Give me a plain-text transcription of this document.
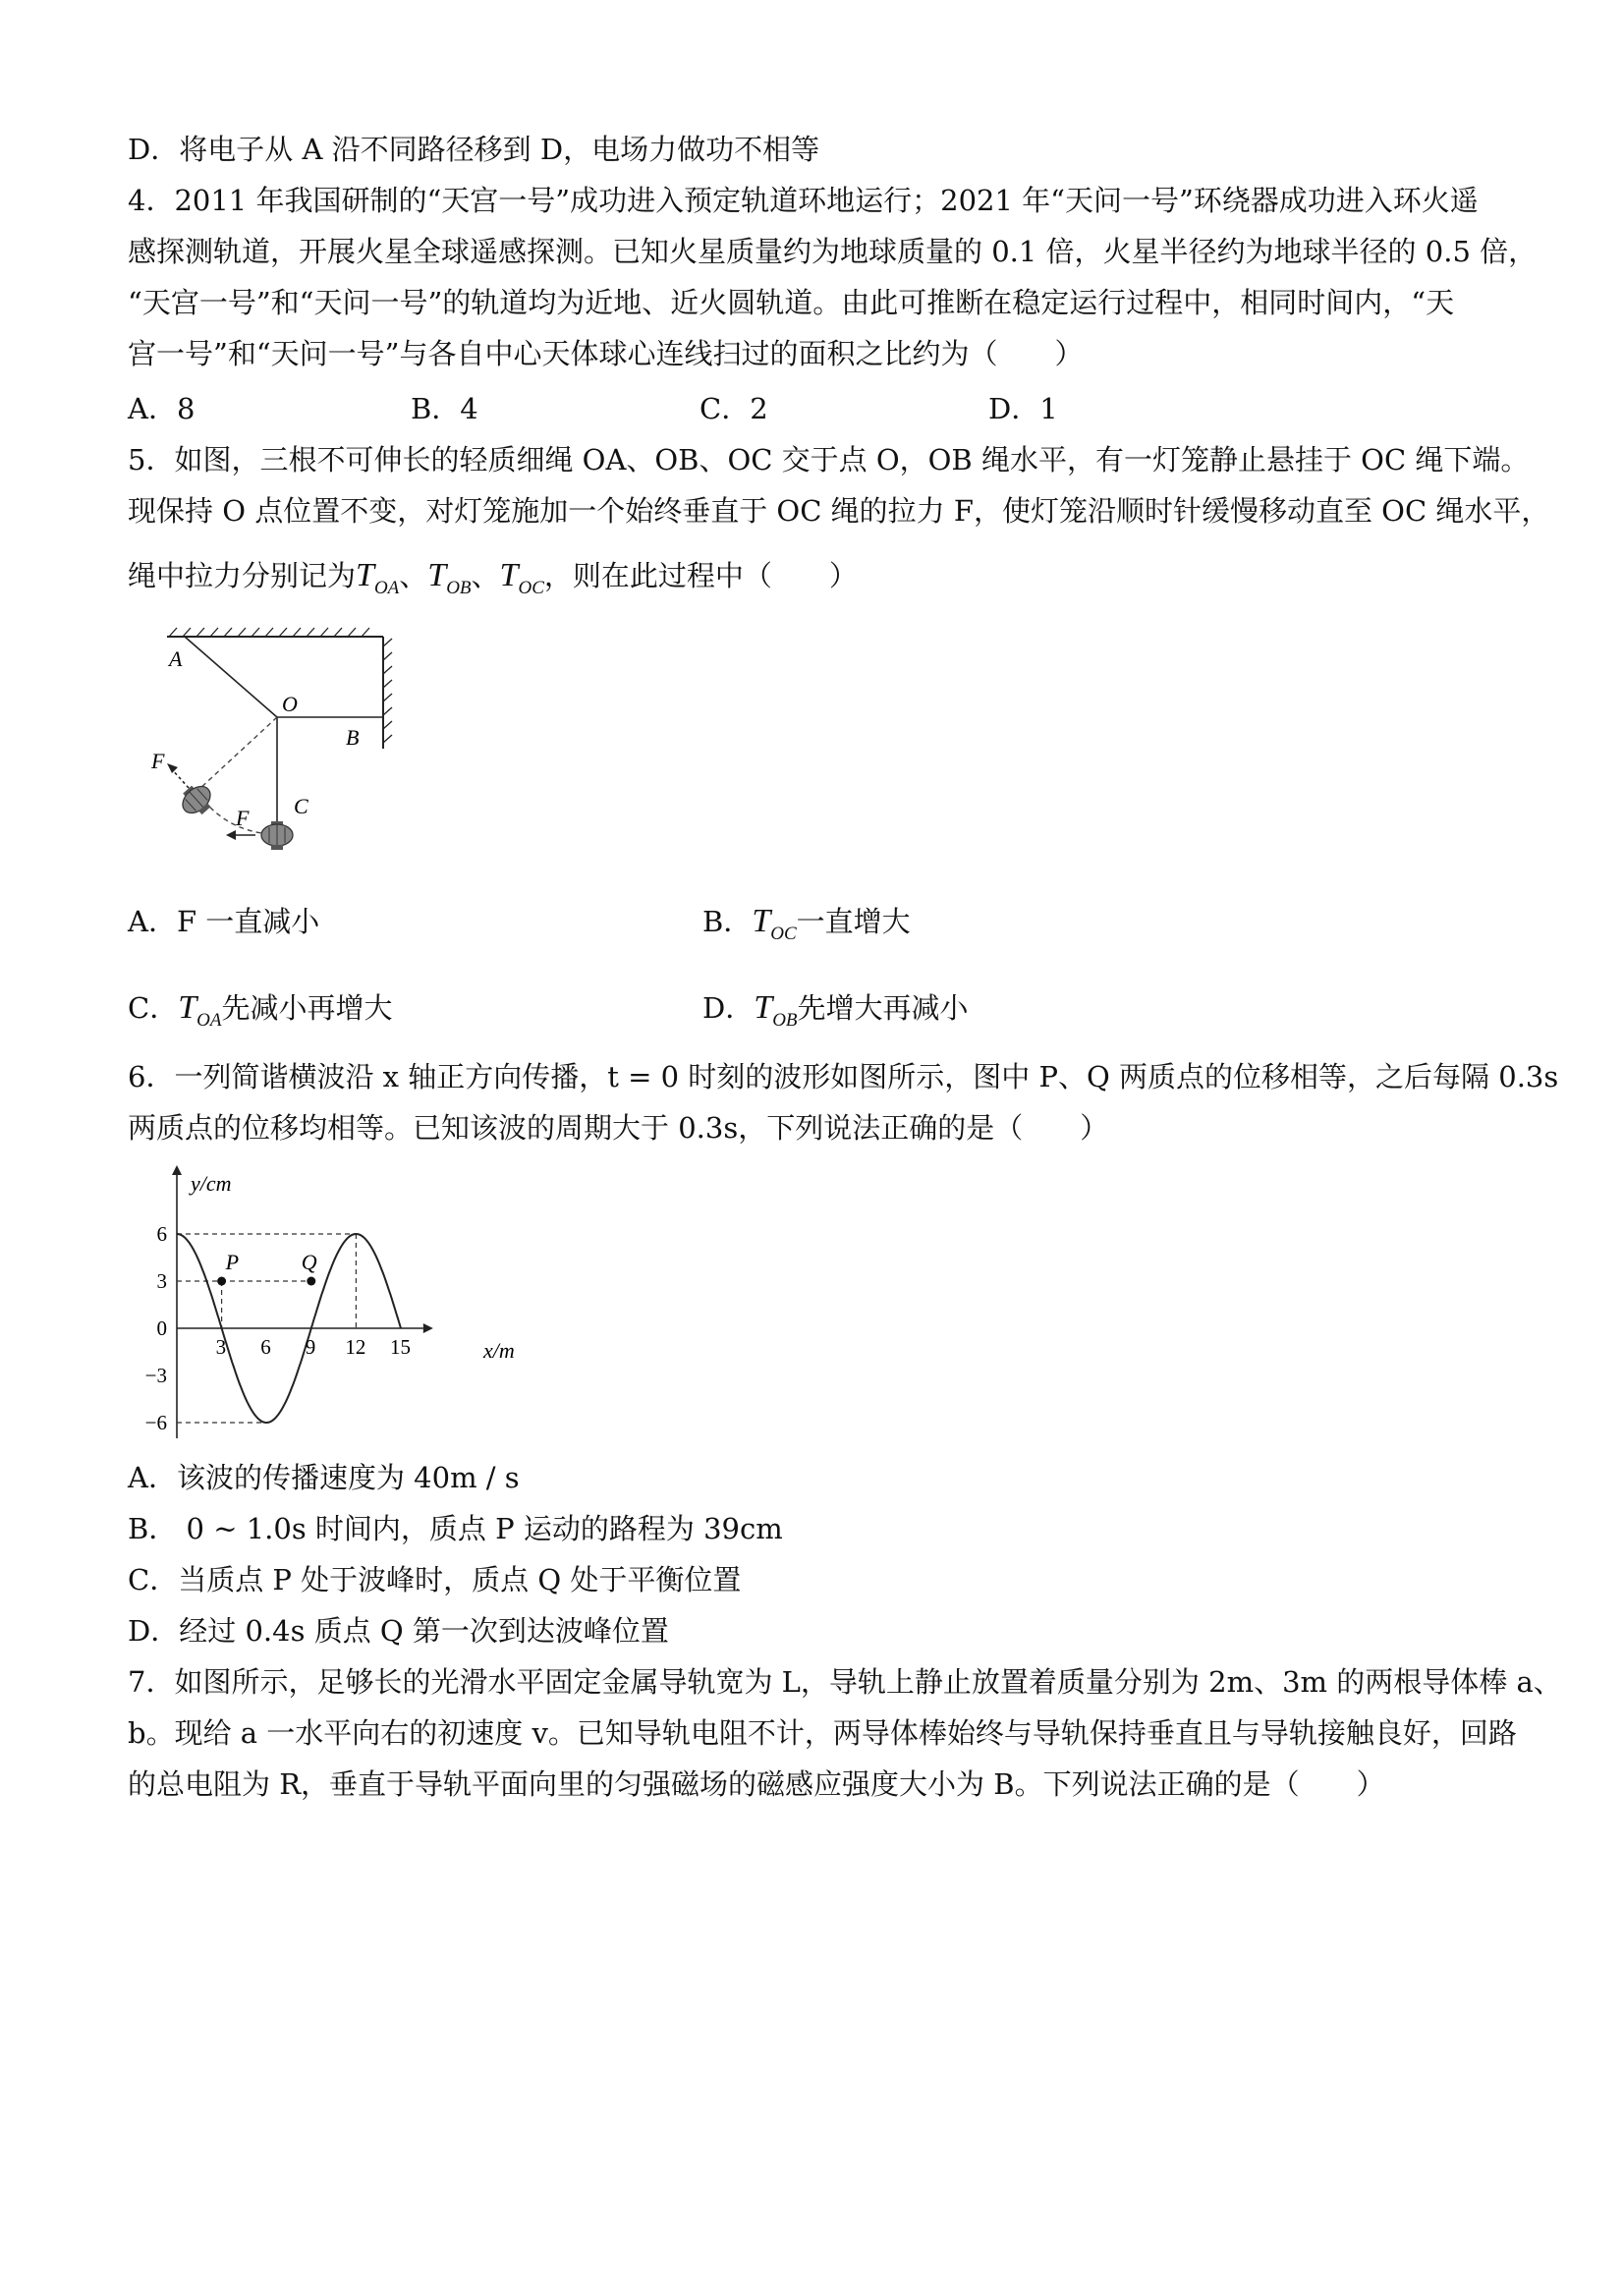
D．将电子从 A 沿不同路径移到 D，电场力做功不相等
4．2011 年我国研制的“天宫一号”成功进入预定轨道环地运行；2021 年“天问一号”环绕器成功进入环火遥
感探测轨道，开展火星全球遥感探测。已知火星质量约为地球质量的 0.1 倍，火星半径约为地球半径的 0.5 倍，
“天宫一号”和“天问一号”的轨道均为近地、近火圆轨道。由此可推断在稳定运行过程中，相同时间内，“天
宫一号”和“天问一号”与各自中心天体球心连线扫过的面积之比约为（　　）
A．8	B．4	C．2	D．1
5．如图，三根不可伸长的轻质细绳 OA、OB、OC 交于点 O，OB 绳水平，有一灯笼静止悬挂于 OC 绳下端。
现保持 O 点位置不变，对灯笼施加一个始终垂直于 OC 绳的拉力 F，使灯笼沿顺时针缓慢移动直至 OC 绳水平，
绳中拉力分别记为$T_{OA}$、$T_{OB}$、$T_{OC}$，则在此过程中（　　）
A
O
B
C
F
F
A．F 一直减小	B．$T_{OC}$一直增大
C．$T_{OA}$先减小再增大	D．$T_{OB}$先增大再减小
6．一列简谐横波沿 x 轴正方向传播，t = 0 时刻的波形如图所示，图中 P、Q 两质点的位移相等，之后每隔 0.3s
两质点的位移均相等。已知该波的周期大于 0.3s，下列说法正确的是（　　）
P	Q
3 6 9 12 15
6
3
0
−3
−6
y/cm
x/m
A．该波的传播速度为 40m / s
B． 0 ~ 1.0s 时间内，质点 P 运动的路程为 39cm
C．当质点 P 处于波峰时，质点 Q 处于平衡位置
D．经过 0.4s 质点 Q 第一次到达波峰位置
7．如图所示，足够长的光滑水平固定金属导轨宽为 L，导轨上静止放置着质量分别为 2m、3m 的两根导体棒 a、
b。现给 a 一水平向右的初速度 v。已知导轨电阻不计，两导体棒始终与导轨保持垂直且与导轨接触良好，回路
的总电阻为 R，垂直于导轨平面向里的匀强磁场的磁感应强度大小为 B。下列说法正确的是（　　）
